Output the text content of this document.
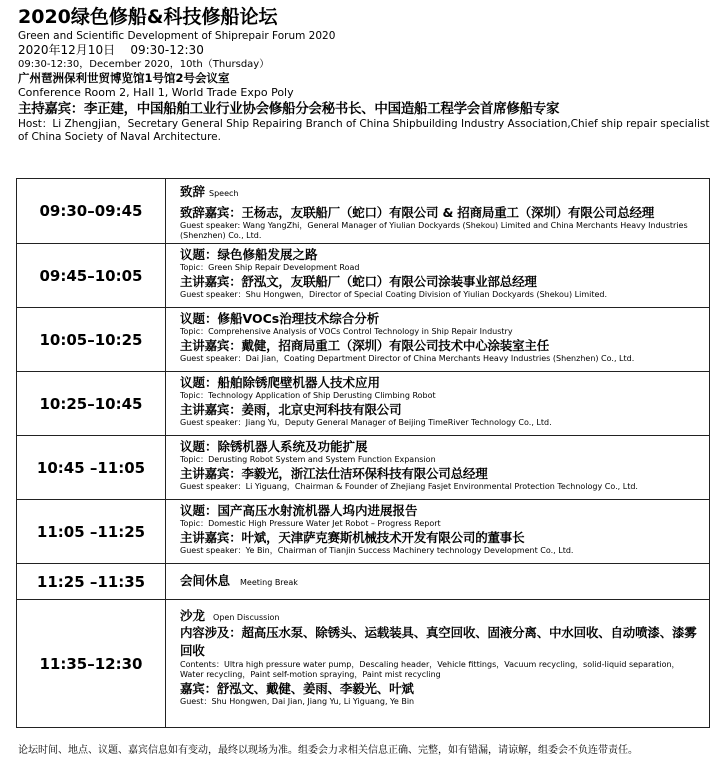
2020绿色修船&科技修船论坛
Green and Scientific Development of Shiprepair Forum 2020
2020年12月10日    09:30-12:30
09:30-12:30，December 2020，10th（Thursday）
广州琶洲保利世贸博览馆1号馆2号会议室
Conference Room 2, Hall 1, World Trade Expo Poly
主持嘉宾：李正建，中国船舶工业行业协会修船分会秘书长、中国造船工程学会首席修船专家
Host：Li Zhengjian，Secretary General Ship Repairing Branch of China Shipbuilding Industry Association,Chief ship repair specialist of China Society of Naval Architecture.
09:30–09:45	致辞 Speech
致辞嘉宾：王杨志，友联船厂（蛇口）有限公司 & 招商局重工（深圳）有限公司总经理
Guest speaker: Wang YangZhi，General Manager of Yiulian Dockyards (Shekou) Limited and China Merchants Heavy Industries (Shenzhen) Co., Ltd.

09:45–10:05	议题：绿色修船发展之路
Topic：Green Ship Repair Development Road
主讲嘉宾：舒泓文，友联船厂（蛇口）有限公司涂装事业部总经理
Guest speaker：Shu Hongwen，Director of Special Coating Division of Yiulian Dockyards (Shekou) Limited.

10:05–10:25	议题：修船VOCs治理技术综合分析
Topic：Comprehensive Analysis of VOCs Control Technology in Ship Repair Industry
主讲嘉宾：戴健，招商局重工（深圳）有限公司技术中心涂装室主任
Guest speaker：Dai Jian，Coating Department Director of China Merchants Heavy Industries (Shenzhen) Co., Ltd.

10:25–10:45	议题：船舶除锈爬壁机器人技术应用
Topic：Technology Application of Ship Derusting Climbing Robot
主讲嘉宾：姜雨，北京史河科技有限公司
Guest speaker：Jiang Yu，Deputy General Manager of Beijing TimeRiver Technology Co., Ltd.

10:45 –11:05	议题：除锈机器人系统及功能扩展
Topic：Derusting Robot System and System Function Expansion
主讲嘉宾：李毅光，浙江法仕洁环保科技有限公司总经理
Guest speaker：Li Yiguang，Chairman & Founder of Zhejiang Fasjet Environmental Protection Technology Co., Ltd.

11:05 –11:25	议题：国产高压水射流机器人坞内进展报告
Topic：Domestic High Pressure Water Jet Robot – Progress Report
主讲嘉宾：叶斌，天津萨克赛斯机械技术开发有限公司的董事长
Guest speaker：Ye Bin，Chairman of Tianjin Success Machinery technology Development Co., Ltd.

11:25 –11:35	会间休息 Meeting Break

11:35–12:30	沙龙 Open Discussion
内容涉及：超高压水泵、除锈头、运载装具、真空回收、固液分离、中水回收、自动喷漆、漆雾回收
Contents：Ultra high pressure water pump，Descaling header，Vehicle fittings，Vacuum recycling，solid-liquid separation，Water recycling，Paint self-motion spraying，Paint mist recycling
嘉宾：舒泓文、戴健、姜雨、李毅光、叶斌
Guest：Shu Hongwen, Dai Jian, Jiang Yu, Li Yiguang, Ye Bin
论坛时间、地点、议题、嘉宾信息如有变动，最终以现场为准。组委会力求相关信息正确、完整，如有错漏，请谅解，组委会不负连带责任。
